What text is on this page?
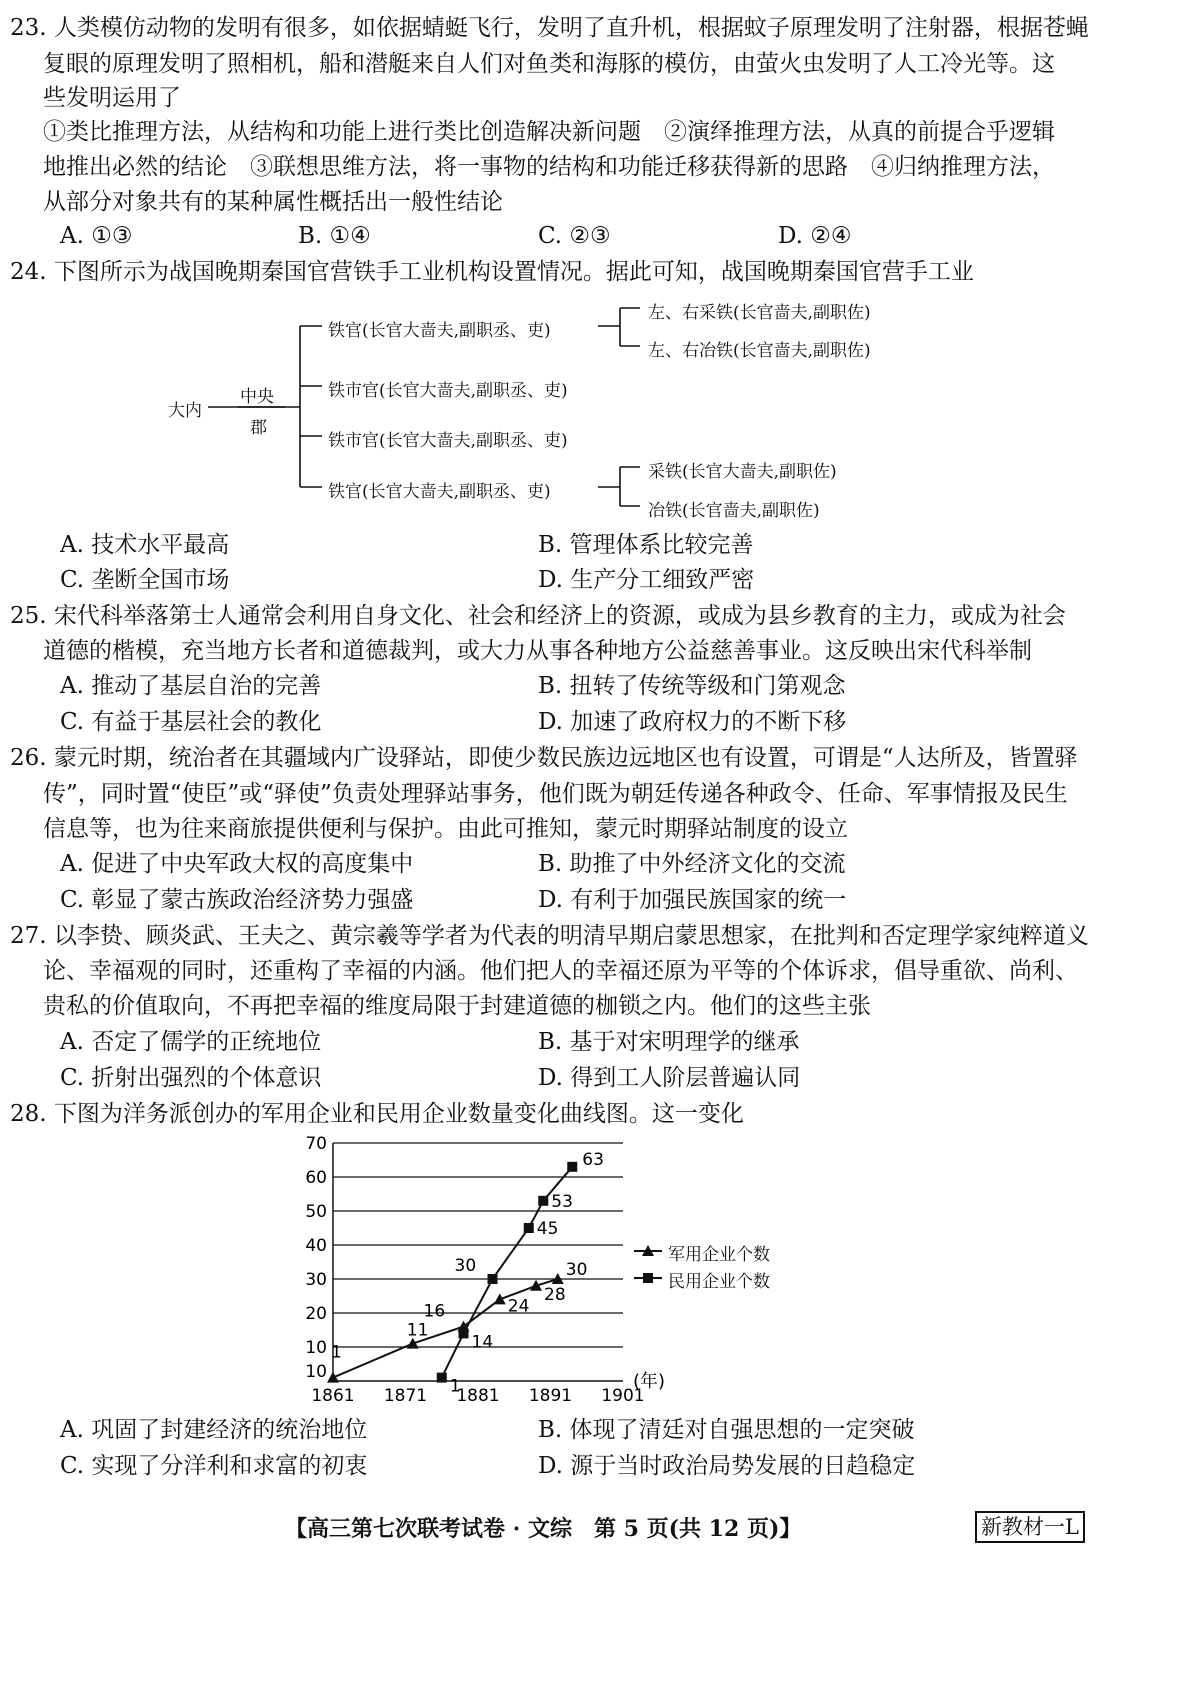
23. 人类模仿动物的发明有很多，如依据蜻蜓飞行，发明了直升机，根据蚊子原理发明了注射器，根据苍蝇
复眼的原理发明了照相机，船和潜艇来自人们对鱼类和海豚的模仿，由萤火虫发明了人工冷光等。这
些发明运用了
①类比推理方法，从结构和功能上进行类比创造解决新问题　②演绎推理方法，从真的前提合乎逻辑
地推出必然的结论　③联想思维方法，将一事物的结构和功能迁移获得新的思路　④归纳推理方法，
从部分对象共有的某种属性概括出一般性结论
A. ①③	B. ①④	C. ②③	D. ②④
24. 下图所示为战国晚期秦国官营铁手工业机构设置情况。据此可知，战国晚期秦国官营手工业
大内
中央
郡
铁官(长官大啬夫,副职丞、吏)
左、右采铁(长官啬夫,副职佐)
左、右冶铁(长官啬夫,副职佐)
铁市官(长官大啬夫,副职丞、吏)
铁市官(长官大啬夫,副职丞、吏)
铁官(长官大啬夫,副职丞、吏)
采铁(长官大啬夫,副职佐)
冶铁(长官啬夫,副职佐)
A. 技术水平最高	B. 管理体系比较完善
C. 垄断全国市场	D. 生产分工细致严密
25. 宋代科举落第士人通常会利用自身文化、社会和经济上的资源，或成为县乡教育的主力，或成为社会
道德的楷模，充当地方长者和道德裁判，或大力从事各种地方公益慈善事业。这反映出宋代科举制
A. 推动了基层自治的完善	B. 扭转了传统等级和门第观念
C. 有益于基层社会的教化	D. 加速了政府权力的不断下移
26. 蒙元时期，统治者在其疆域内广设驿站，即使少数民族边远地区也有设置，可谓是“人达所及，皆置驿
传”，同时置“使臣”或“驿使”负责处理驿站事务，他们既为朝廷传递各种政令、任命、军事情报及民生
信息等，也为往来商旅提供便利与保护。由此可推知，蒙元时期驿站制度的设立
A. 促进了中央军政大权的高度集中	B. 助推了中外经济文化的交流
C. 彰显了蒙古族政治经济势力强盛	D. 有利于加强民族国家的统一
27. 以李贽、顾炎武、王夫之、黄宗羲等学者为代表的明清早期启蒙思想家，在批判和否定理学家纯粹道义
论、幸福观的同时，还重构了幸福的内涵。他们把人的幸福还原为平等的个体诉求，倡导重欲、尚利、
贵私的价值取向，不再把幸福的维度局限于封建道德的枷锁之内。他们的这些主张
A. 否定了儒学的正统地位	B. 基于对宋明理学的继承
C. 折射出强烈的个体意识	D. 得到工人阶层普遍认同
28. 下图为洋务派创办的军用企业和民用企业数量变化曲线图。这一变化
10
10
20
30
40
50
60
70
1861 1871 1881 1891 1901
(年)
1
11
16	24
28
30
1
14
30
45
53
63
军用企业个数
民用企业个数
A. 巩固了封建经济的统治地位	B. 体现了清廷对自强思想的一定突破
C. 实现了分洋利和求富的初衷	D. 源于当时政治局势发展的日趋稳定
【高三第七次联考试卷 · 文综　第 5 页(共 12 页)】	新教材一L
